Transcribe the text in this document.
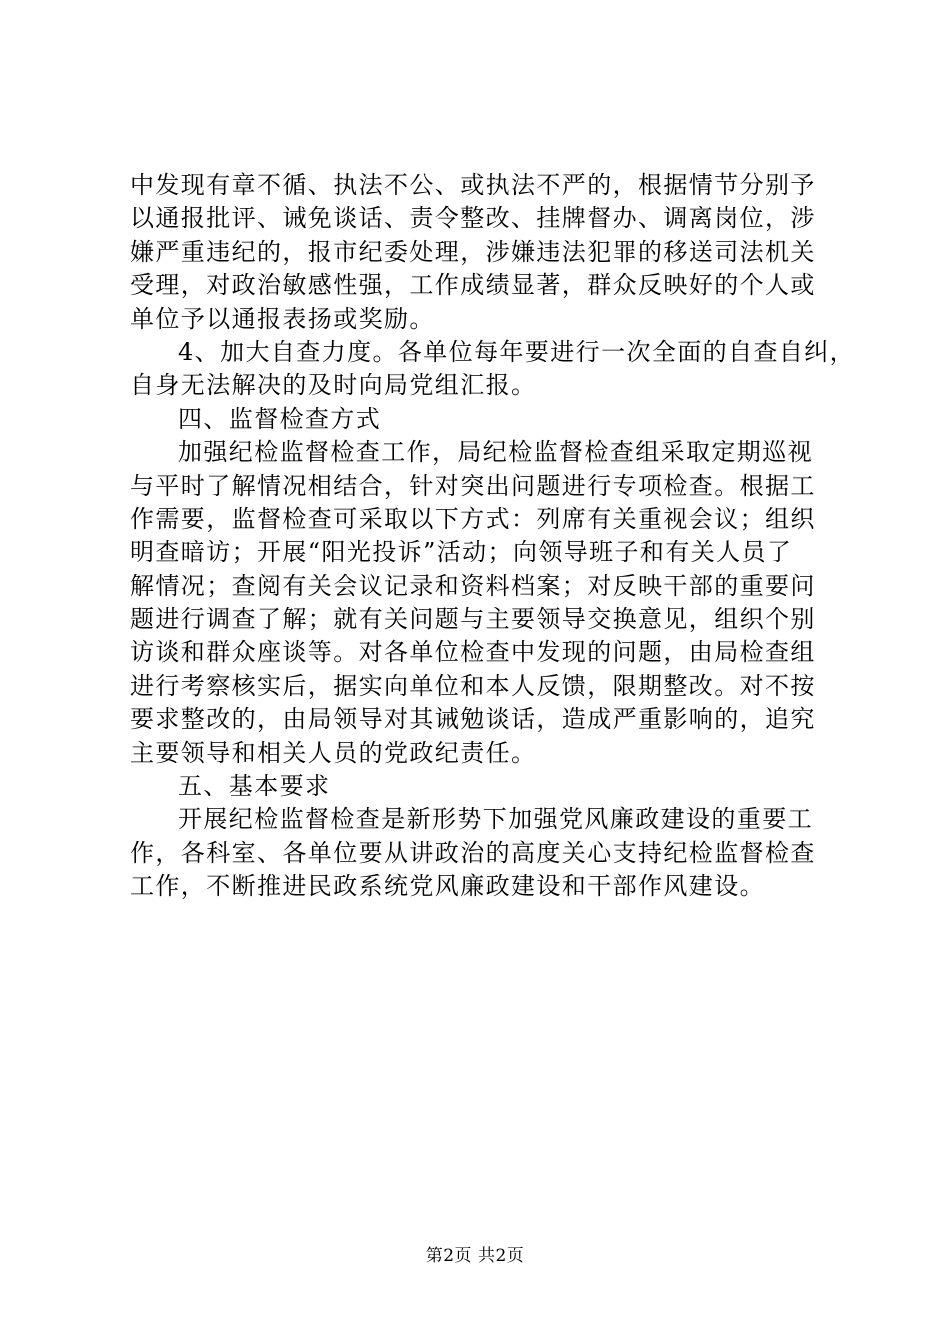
中发现有章不循、执法不公、或执法不严的，根据情节分别予
以通报批评、诫免谈话、责令整改、挂牌督办、调离岗位，涉
嫌严重违纪的，报市纪委处理，涉嫌违法犯罪的移送司法机关
受理，对政治敏感性强，工作成绩显著，群众反映好的个人或
单位予以通报表扬或奖励。
4、加大自查力度。各单位每年要进行一次全面的自查自纠，
自身无法解决的及时向局党组汇报。
四、监督检查方式
加强纪检监督检查工作，局纪检监督检查组采取定期巡视
与平时了解情况相结合，针对突出问题进行专项检查。根据工
作需要，监督检查可采取以下方式：列席有关重视会议；组织
明查暗访；开展“阳光投诉”活动；向领导班子和有关人员了
解情况；查阅有关会议记录和资料档案；对反映干部的重要问
题进行调查了解；就有关问题与主要领导交换意见，组织个别
访谈和群众座谈等。对各单位检查中发现的问题，由局检查组
进行考察核实后，据实向单位和本人反馈，限期整改。对不按
要求整改的，由局领导对其诫勉谈话，造成严重影响的，追究
主要领导和相关人员的党政纪责任。
五、基本要求
开展纪检监督检查是新形势下加强党风廉政建设的重要工
作，各科室、各单位要从讲政治的高度关心支持纪检监督检查
工作，不断推进民政系统党风廉政建设和干部作风建设。
第2页 共2页
